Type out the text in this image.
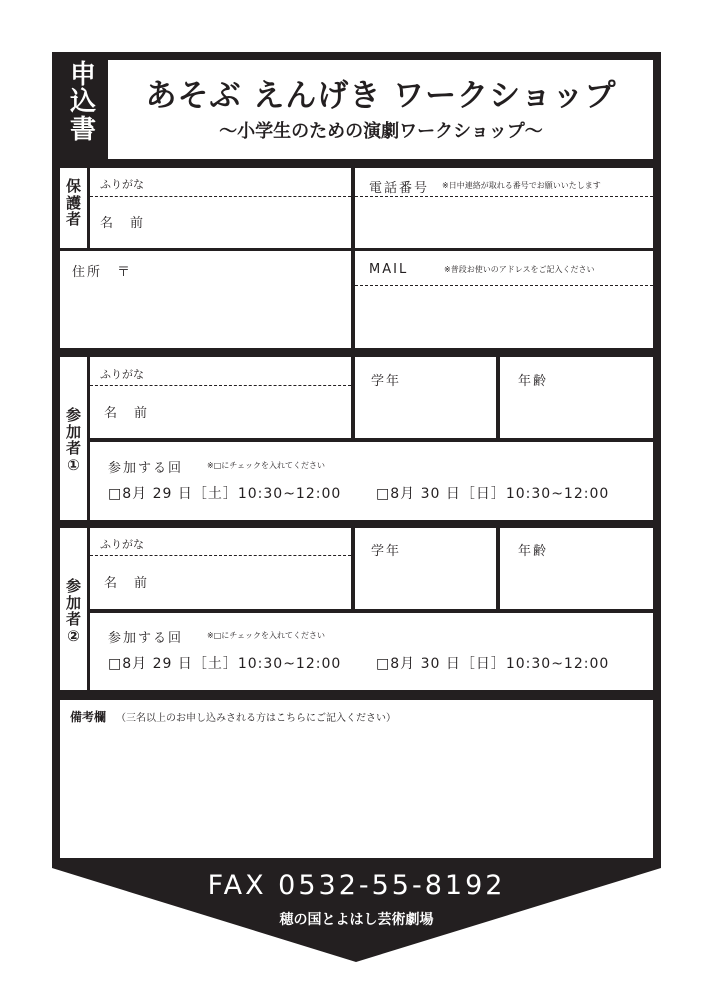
申
込
書
あそぶ えんげき ワークショップ
～小学生のための演劇ワークショップ～
保
護
者
ふりがな
名　前
電話番号 ※日中連絡が取れる番号でお願いいたします
住所　〒	MAIL	※普段お使いのアドレスをご記入ください
参
加
者
①
ふりがな
名　前
学年	年齢
参加する回	※□にチェックを入れてください
□8月 29 日［土］10:30~12:00 □8月 30 日［日］10:30~12:00
参
加
者
②
ふりがな
名　前
学年	年齢
参加する回	※□にチェックを入れてください
□8月 29 日［土］10:30~12:00 □8月 30 日［日］10:30~12:00
備考欄 （三名以上のお申し込みされる方はこちらにご記入ください）
FAX 0532-55-8192
穂の国とよはし芸術劇場
